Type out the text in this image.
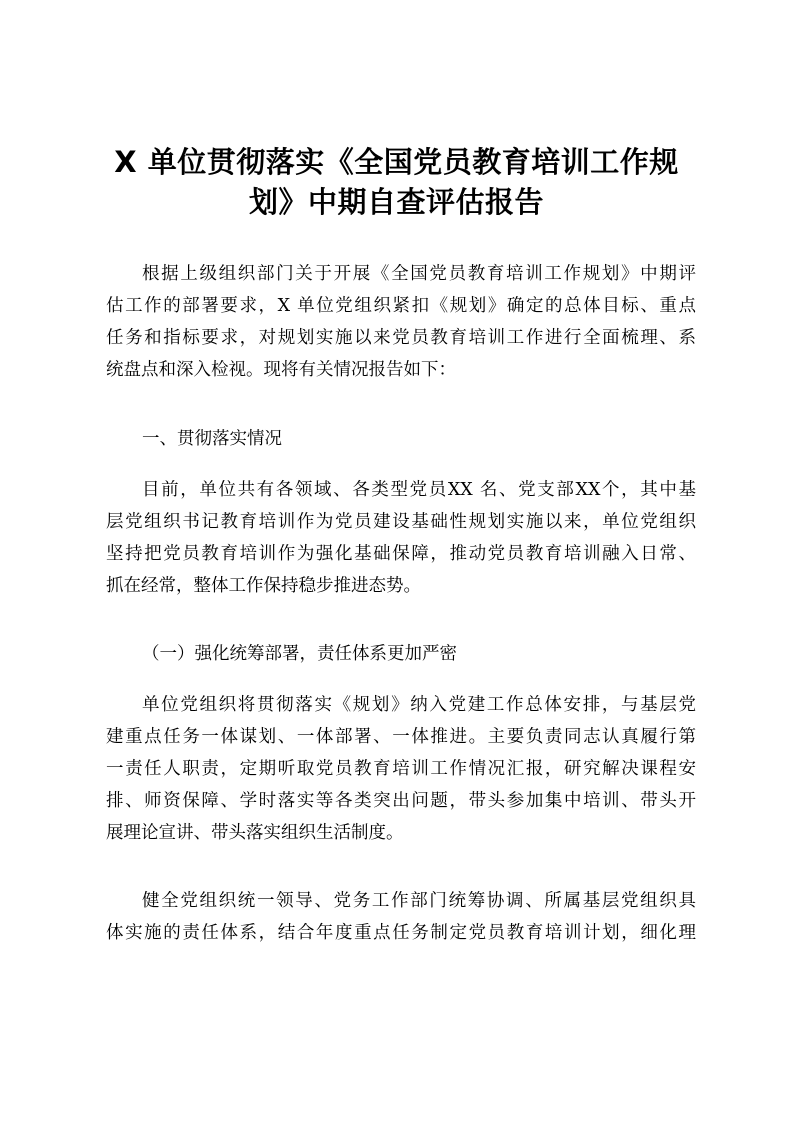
X 单位贯彻落实《全国党员教育培训工作规
划》中期自查评估报告

根据上级组织部门关于开展《全国党员教育培训工作规划》中期评
估工作的部署要求，X 单位党组织紧扣《规划》确定的总体目标、重点
任务和指标要求，对规划实施以来党员教育培训工作进行全面梳理、系
统盘点和深入检视。现将有关情况报告如下：

一、贯彻落实情况

目前，单位共有各领域、各类型党员XX 名、党支部XX个，其中基
层党组织书记教育培训作为党员建设基础性规划实施以来，单位党组织
坚持把党员教育培训作为强化基础保障，推动党员教育培训融入日常、
抓在经常，整体工作保持稳步推进态势。

（一）强化统筹部署，责任体系更加严密

单位党组织将贯彻落实《规划》纳入党建工作总体安排，与基层党
建重点任务一体谋划、一体部署、一体推进。主要负责同志认真履行第
一责任人职责，定期听取党员教育培训工作情况汇报，研究解决课程安
排、师资保障、学时落实等各类突出问题，带头参加集中培训、带头开
展理论宣讲、带头落实组织生活制度。

健全党组织统一领导、党务工作部门统筹协调、所属基层党组织具
体实施的责任体系，结合年度重点任务制定党员教育培训计划，细化理
